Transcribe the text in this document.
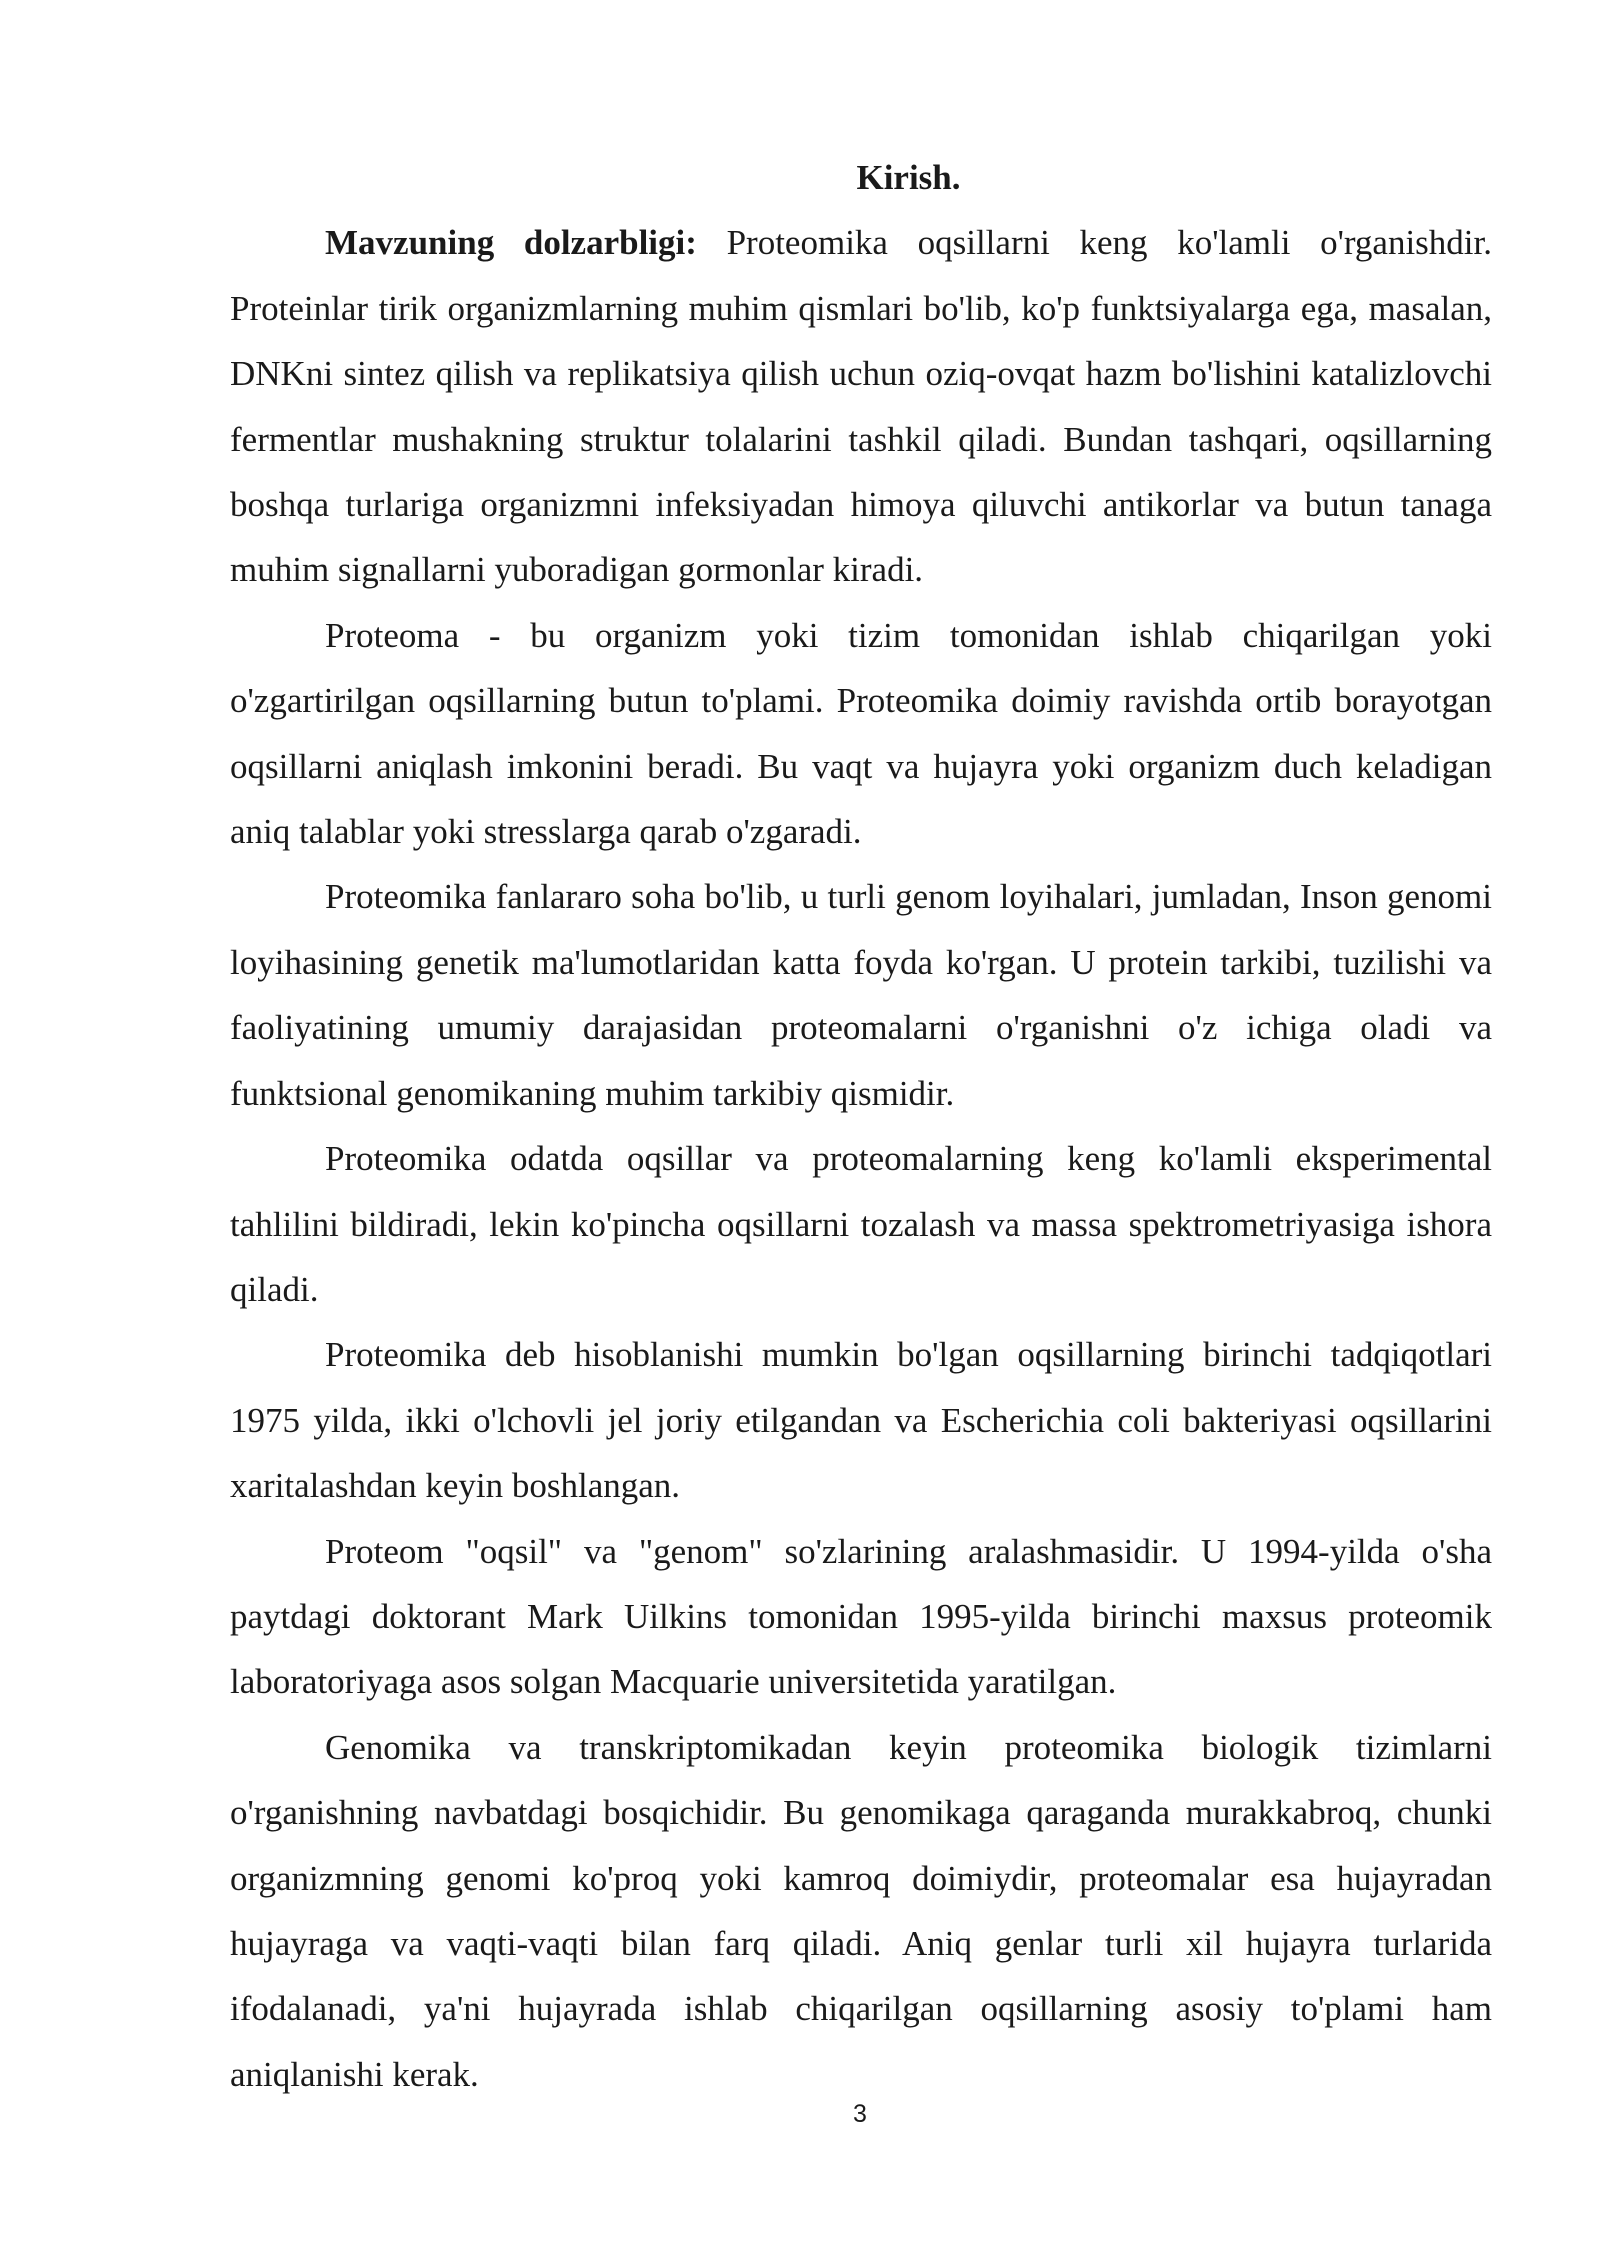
Kirish.

Mavzuning dolzarbligi: Proteomika oqsillarni keng ko'lamli o'rganishdir. Proteinlar tirik organizmlarning muhim qismlari bo'lib, ko'p funktsiyalarga ega, masalan, DNKni sintez qilish va replikatsiya qilish uchun oziq-ovqat hazm bo'lishini katalizlovchi fermentlar mushakning struktur tolalarini tashkil qiladi. Bundan tashqari, oqsillarning boshqa turlariga organizmni infeksiyadan himoya qiluvchi antikorlar va butun tanaga muhim signallarni yuboradigan gormonlar kiradi.

Proteoma - bu organizm yoki tizim tomonidan ishlab chiqarilgan yoki o'zgartirilgan oqsillarning butun to'plami. Proteomika doimiy ravishda ortib borayotgan oqsillarni aniqlash imkonini beradi. Bu vaqt va hujayra yoki organizm duch keladigan aniq talablar yoki stresslarga qarab o'zgaradi.

Proteomika fanlararo soha bo'lib, u turli genom loyihalari, jumladan, Inson genomi loyihasining genetik ma'lumotlaridan katta foyda ko'rgan. U protein tarkibi, tuzilishi va faoliyatining umumiy darajasidan proteomalarni o'rganishni o'z ichiga oladi va funktsional genomikaning muhim tarkibiy qismidir.

Proteomika odatda oqsillar va proteomalarning keng ko'lamli eksperimental tahlilini bildiradi, lekin ko'pincha oqsillarni tozalash va massa spektrometriyasiga ishora qiladi.

Proteomika deb hisoblanishi mumkin bo'lgan oqsillarning birinchi tadqiqotlari 1975 yilda, ikki o'lchovli jel joriy etilgandan va Escherichia coli bakteriyasi oqsillarini xaritalashdan keyin boshlangan.

Proteom "oqsil" va "genom" so'zlarining aralashmasidir. U 1994-yilda o'sha paytdagi doktorant Mark Uilkins tomonidan 1995-yilda birinchi maxsus proteomik laboratoriyaga asos solgan Macquarie universitetida yaratilgan.

Genomika va transkriptomikadan keyin proteomika biologik tizimlarni o'rganishning navbatdagi bosqichidir. Bu genomikaga qaraganda murakkabroq, chunki organizmning genomi ko'proq yoki kamroq doimiydir, proteomalar esa hujayradan hujayraga va vaqti-vaqti bilan farq qiladi. Aniq genlar turli xil hujayra turlarida ifodalanadi, ya'ni hujayrada ishlab chiqarilgan oqsillarning asosiy to'plami ham aniqlanishi kerak.

3
